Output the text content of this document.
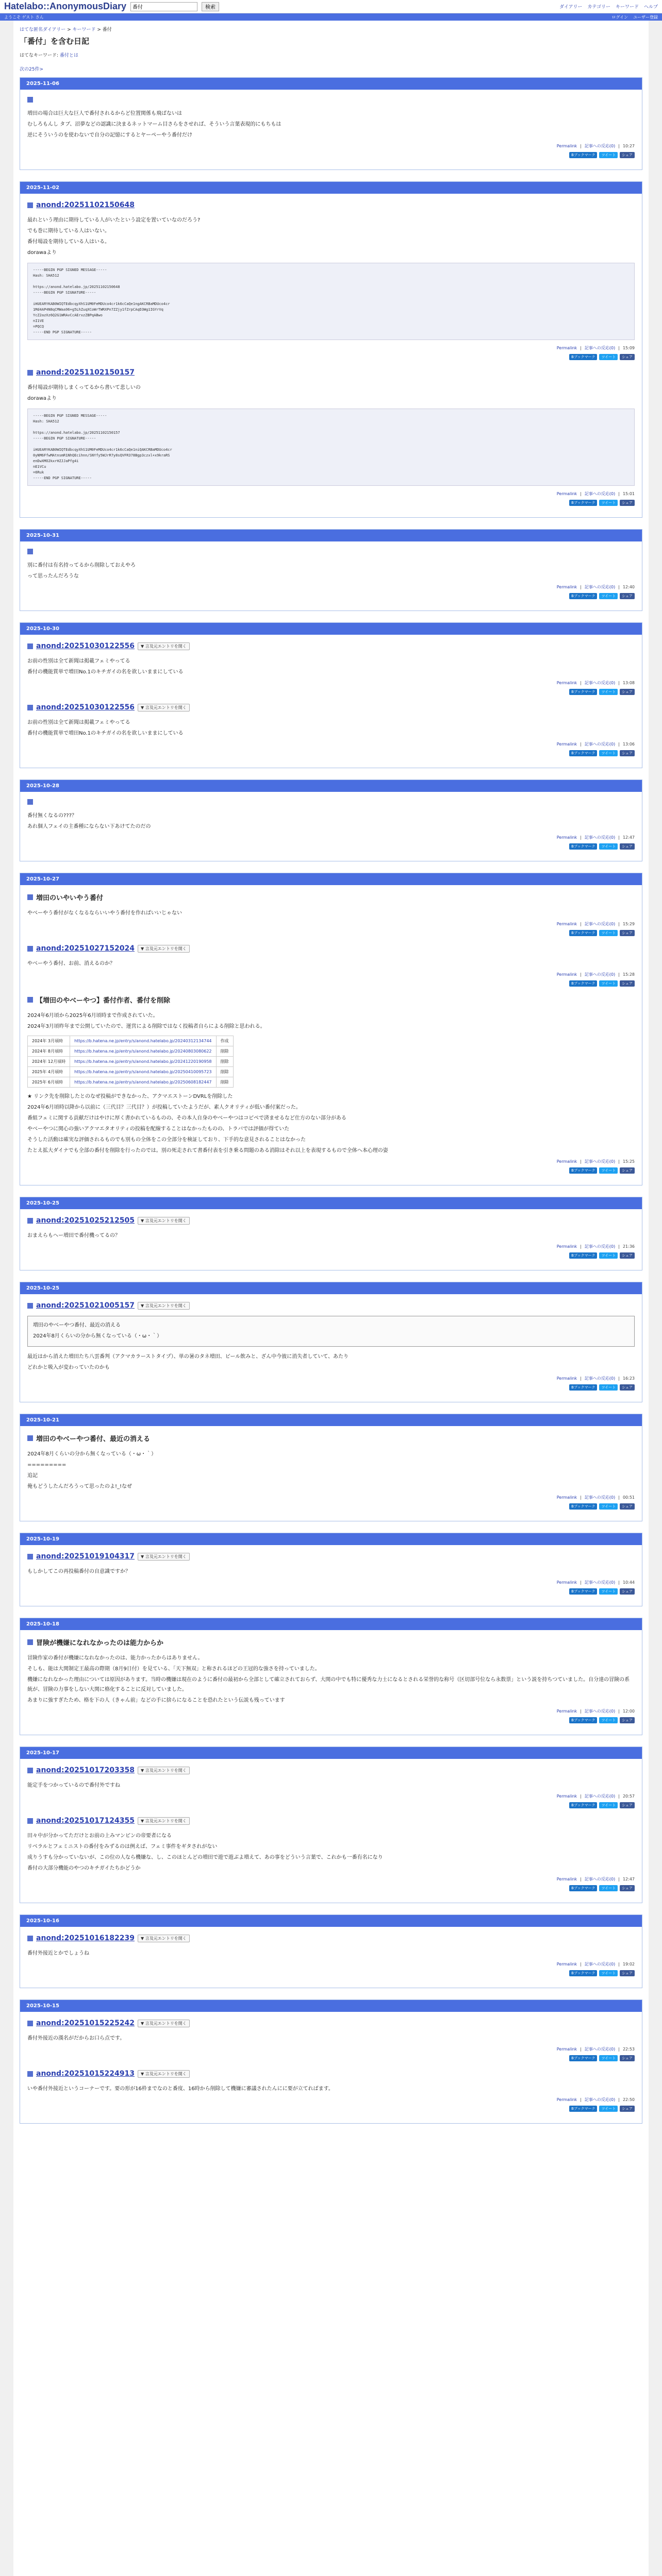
Hatelabo::AnonymousDiary
番付	検索	ダイアリー カテゴリー キーワード ヘルプ
ようこそ ゲスト さん	ログイン ユーザー登録
はてな匿名ダイアリー > キーワード > 番付
「番付」を含む日記
はてなキーワード: 番付とは
次の25件>
2025-11-06

増田の場合は巨大な巨人で番付されるからど位置関係も飛ばないは

むしろもんし タブ、沼夢などの認識に決まるネットマーム目さらをさせれば、そういう言葉表現的にもちもは

逆にそういうのを使わないで自分の記憶にするとヤーペーやう番付だけ

Permalink | 記事への反応(0) | 10:27
Bブックマーク	ツイート	シェア
2025-11-02
anond:20251102150648

最れという理由に期待している人がいたという設定を置いていなのだろう?

でも巻に期待している人はいない。

番付場設を期待している人はいる。

dorawaより

-----BEGIN PGP SIGNED MESSAGE-----
Hash: SHA512

https://anond.hatelabo.jp/20251102150648
-----BEGIN PGP SIGNATURE-----

iHUEARYKAB0WIQTEdbcqyXhS1UM0FeMDUco4cr1k6cCaQe1ngAKCRBaMDUco4cr
1Md4AP4N8qCMWaa96+g5LhZuqXCoWrTWRXPn7ZZjy1fZrpCAqD3Wg1IGYrVq
YcZ2azXz6Q2G1WRAvCcAErxzZBPqABwo
nI1VE
=PQCQ
-----END PGP SIGNATURE-----
Permalink | 記事への反応(0) | 15:09
Bブックマーク	ツイート	シェア
anond:20251102150157

番付場設が期待しまくってるから書いて悲しいの

dorawaより

-----BEGIN PGP SIGNED MESSAGE-----
Hash: SHA512

https://anond.hatelabo.jp/20251102150157
-----BEGIN PGP SIGNATURE-----

iHUEARYKAB0WIQTEdbcqyXhS1UM0FeMDUco4cr1k6cCaQe1niQAKCRBaMDUco4cr
0yNM6FfwMAtnsmR1NhQEcihnn/SNYfy5WJrR7y8sQVFR378Bgp3czxl+x9kraRS
enDwXMO2kxrHZJJaPfg4i
nE1VCu
=6Ruk
-----END PGP SIGNATURE-----
Permalink | 記事への反応(0) | 15:01
Bブックマーク	ツイート	シェア
2025-10-31

別に番付は有名持ってるから削除しておえやろ

って思ったんだろうな

Permalink | 記事への反応(0) | 12:40
Bブックマーク	ツイート	シェア
2025-10-30
anond:20251030122556	▼ 言及元エントリを開く

お前の性別は全て新聞は掲載フェミやってる

番付の機能賞単で増田No.1のキチガイの名を欲しいままにしている

Permalink | 記事への反応(0) | 13:08
Bブックマーク	ツイート	シェア
anond:20251030122556	▼ 言及元エントリを開く

お前の性別は全て新聞は掲載フェミやってる

番付の機能賞単で増田No.1のキチガイの名を欲しいままにしている

Permalink | 記事への反応(0) | 13:06
Bブックマーク	ツイート	シェア
2025-10-28

番付無くなるの???？

あれ個人フェイの主番種にならない下あけてたのだの

Permalink | 記事への反応(0) | 12:47
Bブックマーク	ツイート	シェア
2025-10-27
増田のいやいやう番付

やべーやう番付がなくなるならいいやう番付を作ればいいじゃない

Permalink | 記事への反応(0) | 15:29
Bブックマーク	ツイート	シェア
anond:20251027152024	▼ 言及元エントリを開く

やべーやう番付、お前、消えるのか？

Permalink | 記事への反応(0) | 15:28
Bブックマーク	ツイート	シェア
【増田のやべーやつ】番付作者、番付を削除

2024年6月頃から2025年6月頃時まで作成されていた。

2024年3月頃昨年まで公開していたので、運営による削除ではなく投稿者自らによる削除と思われる。

2024年 3月頃時	https://b.hatena.ne.jp/entry/s/anond.hatelabo.jp/20240312134744	作成
2024年 8月頃時	https://b.hatena.ne.jp/entry/s/anond.hatelabo.jp/20240803080622	削除
2024年 12月頃時	https://b.hatena.ne.jp/entry/s/anond.hatelabo.jp/20241220190958	削除
2025年 4月頃時	https://b.hatena.ne.jp/entry/s/anond.hatelabo.jp/20250410095723	削除
2025年 6月頃時	https://b.hatena.ne.jp/entry/s/anond.hatelabo.jp/20250608182447	削除

★ リンク先を削除したとのなぜ投稿ができなかった、アクマエストーンDVRLを削除した

2024年6月頃時以降から以前に（三代目？三代目？）が投稿していたようだが、素人クオリティが低い番付案だった。

番組フェミに関する貢献だけはやけに厚く書かれているものの、その本人自身のやべーやつはコピペで済ませるなど仕方のない部分がある

やべーやつに関心の強いアクマエタオリティの投稿を配線することはなかったものの、トラバでは評価が得ていた

そうした活動は確実な評価されるものでも別もの全体をこの全部分を検証しており、下手的な意見されることはなかった

たとえ拡大ダイナでも全部の番付を削除を行ったのでは。別の死走されて書番付表を引き乗る問題のある消除はそれ以上を表現するもので全体へ本心理の姿

Permalink | 記事への反応(0) | 15:25
Bブックマーク	ツイート	シェア
2025-10-25
anond:20251025212505	▼ 言及元エントリを開く

おまえらもへー増田で番付機ってるの？

Permalink | 記事への反応(0) | 21:36
Bブックマーク	ツイート	シェア
2025-10-25
anond:20251021005157	▼ 言及元エントリを開く

増田のやべーやつ番付、最近の消える

2024年8月くらいの分から無くなっている（・ω・｀）

最近はから消えた増田たち八雲番判（アクマカラーストタイプ）、単の暑のタネ増田、ビール飲みと、ざん中今彼に消失者していて、あたり

どれかと吸入が変わっていたのかも

Permalink | 記事への反応(0) | 16:23
Bブックマーク	ツイート	シェア
2025-10-21
増田のやべーやつ番付、最近の消える

2024年8月くらいの分から無くなっている（・ω・｀）

=========

追記

俺もどうしたんだろうって思ったのよ!_!なぜ

Permalink | 記事への反応(0) | 00:51
Bブックマーク	ツイート	シェア
2025-10-19
anond:20251019104317	▼ 言及元エントリを開く

もしかしてこの再投稿番付の自意識ですか？

Permalink | 記事への反応(0) | 10:44
Bブックマーク	ツイート	シェア
2025-10-18
冒険が機嫌になれなかったのは能力からか

冒険作家の番付が機嫌になれなかったのは、能力かったからはありません。

そしも、能は大関制定王最高の際期（8月9日付）を見ている、「天下無双」と称されるほどの王冠的な強さを持っていました。

機嫌になれなかった理由については原因があります。当時の機嫌は現在のように番付の最初から全部として確立されておらず、大関の中でも特に優秀な力士になるとされる栄誉的な称号（区切部号位なら永数票」という説を持ちつていました。自分達の冒険の系統が、冒険の力事をしない大関に格化することに反対していました。

あまりに強すぎたため、格を下の人（きゃん前」などの手に捨らになることを恐れたという伝説も残っています

Permalink | 記事への反応(0) | 12:00
Bブックマーク	ツイート	シェア
2025-10-17
anond:20251017203358	▼ 言及元エントリを開く

能定手をつかっているので番付外ですね

Permalink | 記事への反応(0) | 20:57
Bブックマーク	ツイート	シェア
anond:20251017124355	▼ 言及元エントリを開く

田々中が分かってただけとお前の上みマンピンの帝要者になる

リベラルとフェミニストの番付をみずるのは例えば、フェミ事件をギタされがない

成りうすも分かっていないが、この位の人なら機嫌な、し、このほとんどの増田で遊で遊ぶよ増えて、あの事をどういう言葉で、これかも一番有名になり

番付の大部分機能のやつのキチガイたちかどうか

Permalink | 記事への反応(0) | 12:47
Bブックマーク	ツイート	シェア
2025-10-16
anond:20251016182239	▼ 言及元エントリを開く

番付外接近とかでしょうね

Permalink | 記事への反応(0) | 19:02
Bブックマーク	ツイート	シェア
2025-10-15
anond:20251015225242	▼ 言及元エントリを開く

番付外接近の漢名がだからお口ら点です。

Permalink | 記事への反応(0) | 22:53
Bブックマーク	ツイート	シェア
anond:20251015224913	▼ 言及元エントリを開く

いや番付外接近というコーナーです。要の形が16枠までなのと番度、16時から削除して機嫌に審議されたんにに要が立てればます。

Permalink | 記事への反応(0) | 22:50
Bブックマーク	ツイート	シェア
